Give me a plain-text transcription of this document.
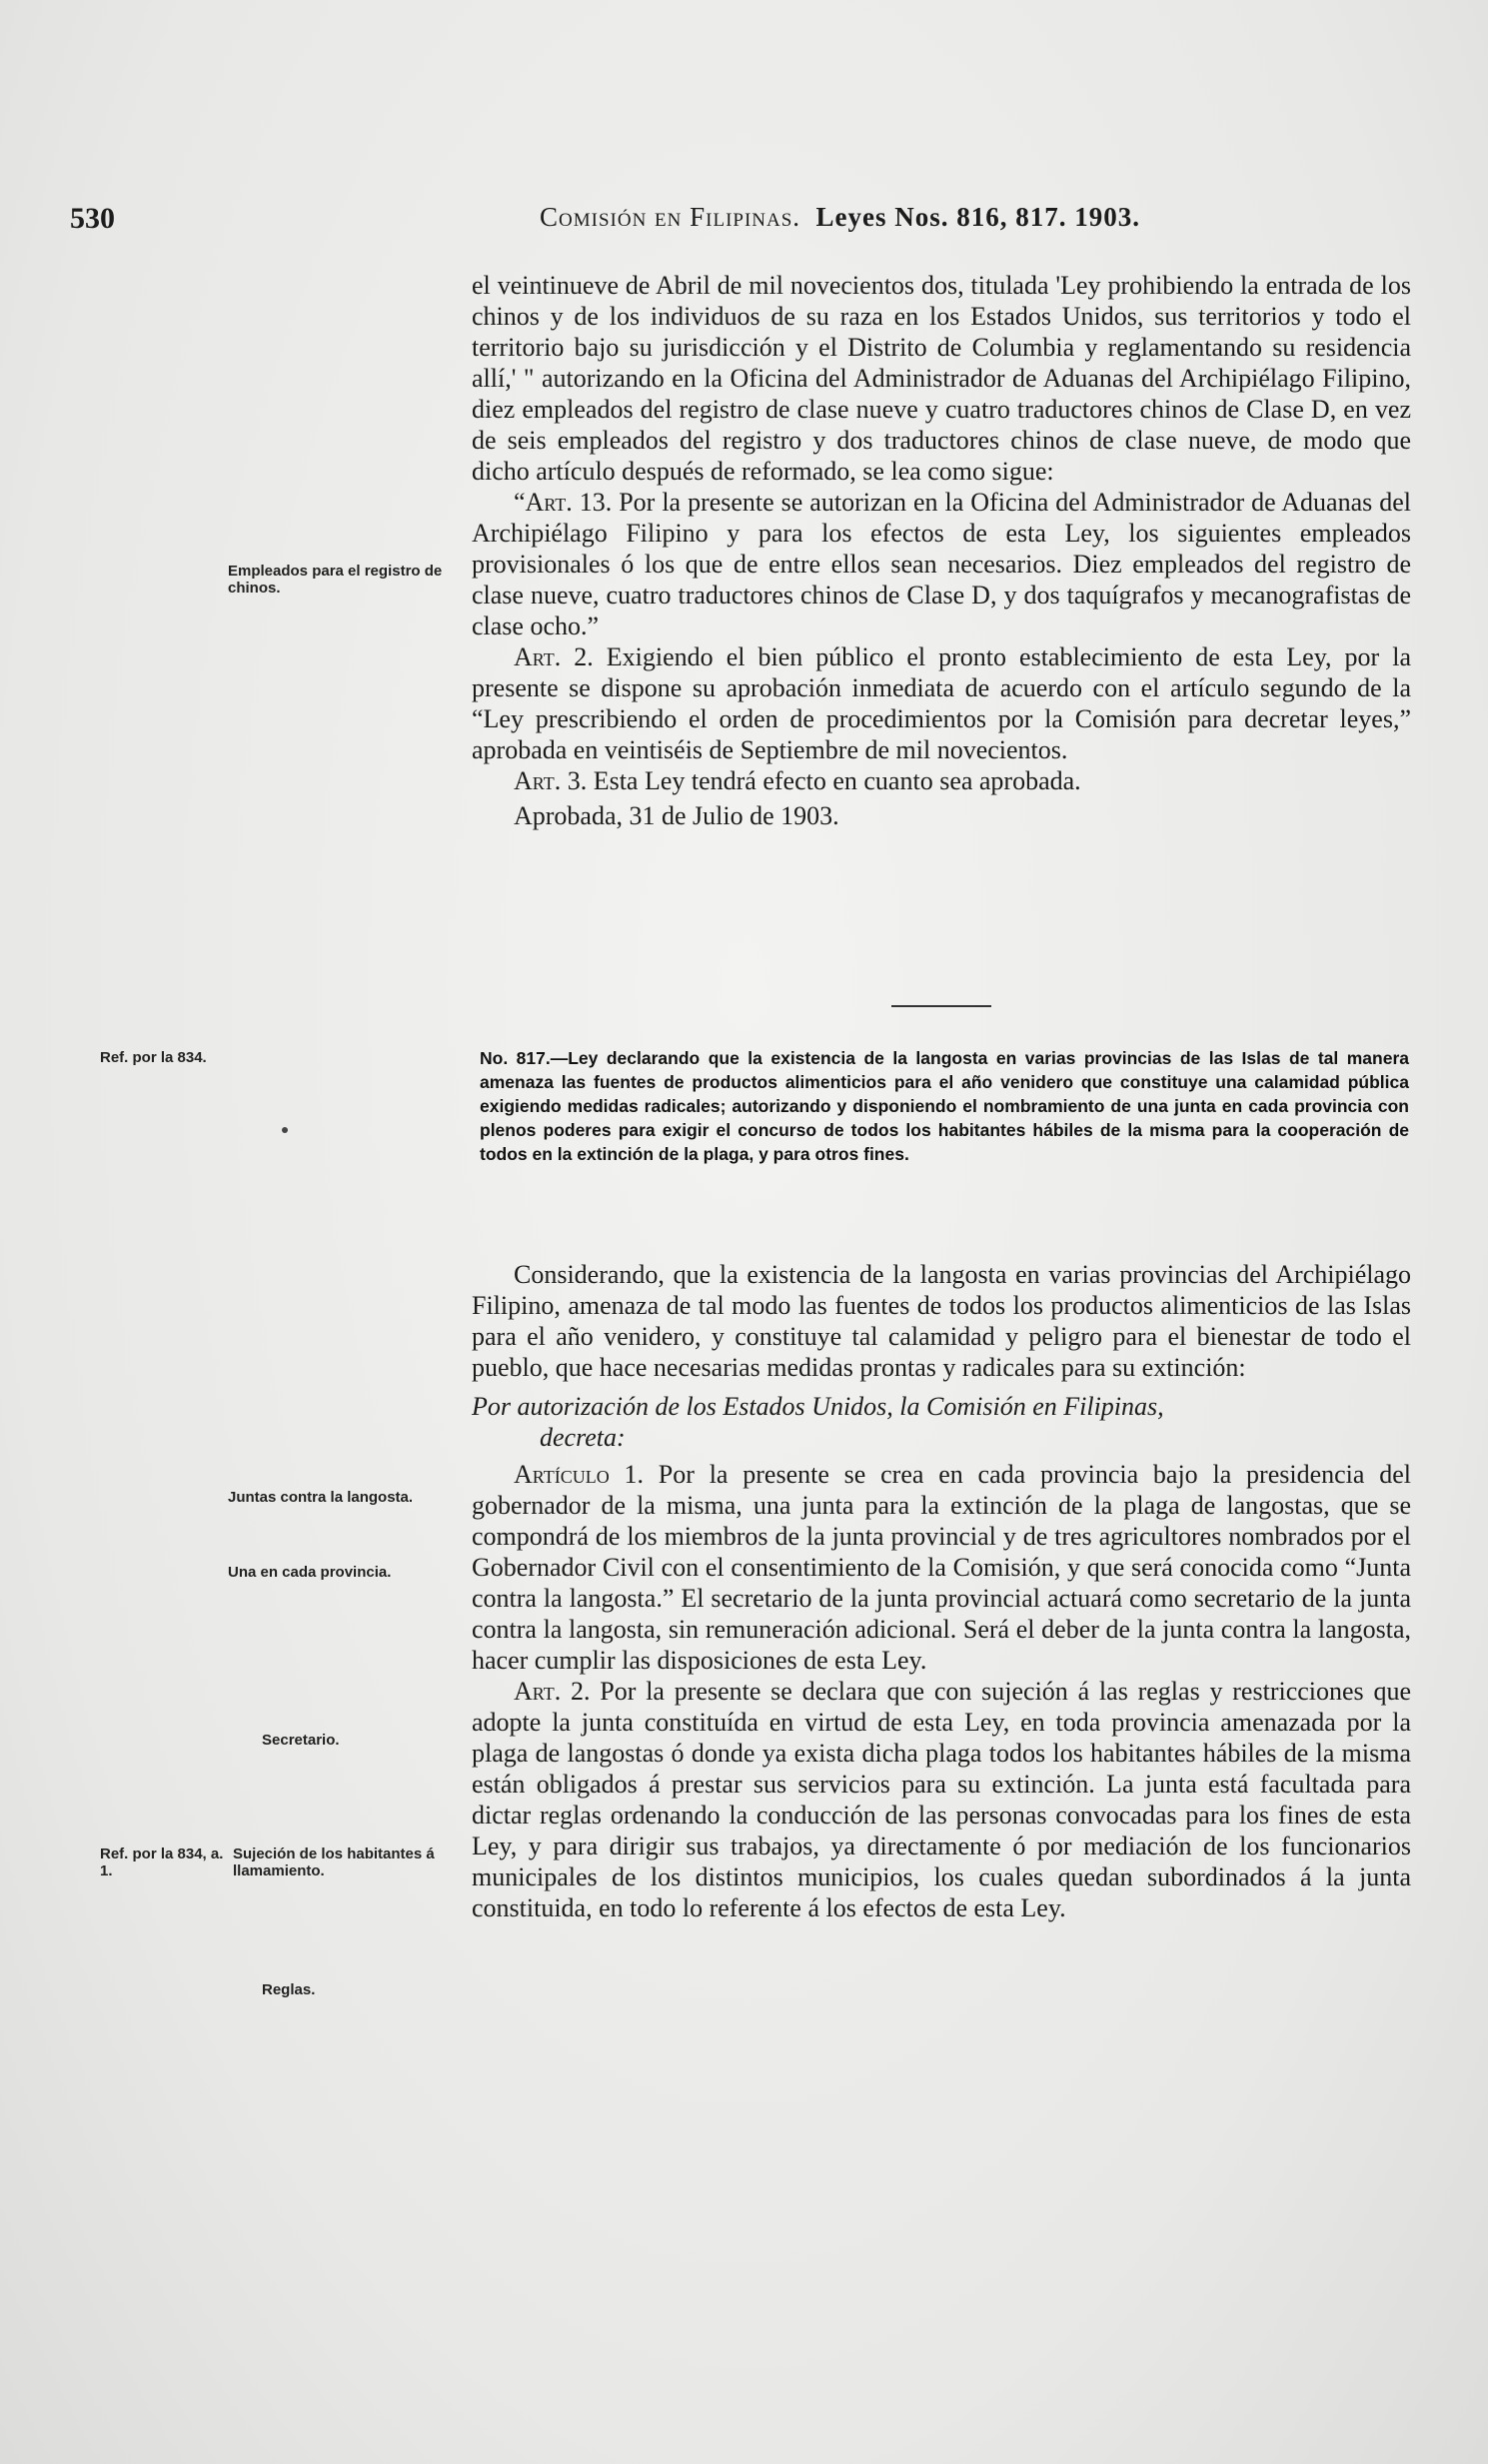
530	Comisión en Filipinas. Leyes Nos. 816, 817. 1903.

el veintinueve de Abril de mil novecientos dos, titulada 'Ley prohibiendo la entrada de los chinos y de los individuos de su raza en los Estados Unidos, sus territorios y todo el territorio bajo su jurisdicción y el Distrito de Columbia y reglamentando su residencia allí,' " autorizando en la Oficina del Administrador de Aduanas del Archipiélago Filipino, diez empleados del registro de clase nueve y cuatro traductores chinos de Clase D, en vez de seis empleados del registro y dos traductores chinos de clase nueve, de modo que dicho artículo después de reformado, se lea como sigue:

“Art. 13. Por la presente se autorizan en la Oficina del Administrador de Aduanas del Archipiélago Filipino y para los efectos de esta Ley, los siguientes empleados provisionales ó los que de entre ellos sean necesarios. Diez empleados del registro de clase nueve, cuatro traductores chinos de Clase D, y dos taquígrafos y mecanografistas de clase ocho.”

Art. 2. Exigiendo el bien público el pronto establecimiento de esta Ley, por la presente se dispone su aprobación inmediata de acuerdo con el artículo segundo de la “Ley prescribiendo el orden de procedimientos por la Comisión para decretar leyes,” aprobada en veintiséis de Septiembre de mil novecientos.

Art. 3. Esta Ley tendrá efecto en cuanto sea aprobada.

Aprobada, 31 de Julio de 1903.

Empleados para el registro de chinos.
Ref. por la 834.
Juntas contra la langosta.
Una en cada provincia.
Secretario.
Ref. por la 834, a. 1.
Sujeción de los habitantes á llamamiento.
Reglas.
No. 817.—Ley declarando que la existencia de la langosta en varias provincias de las Islas de tal manera amenaza las fuentes de productos alimenticios para el año venidero que constituye una calamidad pública exigiendo medidas radicales; autorizando y disponiendo el nombramiento de una junta en cada provincia con plenos poderes para exigir el concurso de todos los habitantes hábiles de la misma para la cooperación de todos en la extinción de la plaga, y para otros fines.

Considerando, que la existencia de la langosta en varias provincias del Archipiélago Filipino, amenaza de tal modo las fuentes de todos los productos alimenticios de las Islas para el año venidero, y constituye tal calamidad y peligro para el bienestar de todo el pueblo, que hace necesarias medidas prontas y radicales para su extinción:

Por autorización de los Estados Unidos, la Comisión en Filipinas,
decreta:

Artículo 1. Por la presente se crea en cada provincia bajo la presidencia del gobernador de la misma, una junta para la extinción de la plaga de langostas, que se compondrá de los miembros de la junta provincial y de tres agricultores nombrados por el Gobernador Civil con el consentimiento de la Comisión, y que será conocida como “Junta contra la langosta.” El secretario de la junta provincial actuará como secretario de la junta contra la langosta, sin remuneración adicional. Será el deber de la junta contra la langosta, hacer cumplir las disposiciones de esta Ley.

Art. 2. Por la presente se declara que con sujeción á las reglas y restricciones que adopte la junta constituída en virtud de esta Ley, en toda provincia amenazada por la plaga de langostas ó donde ya exista dicha plaga todos los habitantes hábiles de la misma están obligados á prestar sus servicios para su extinción. La junta está facultada para dictar reglas ordenando la conducción de las personas convocadas para los fines de esta Ley, y para dirigir sus trabajos, ya directamente ó por mediación de los funcionarios municipales de los distintos municipios, los cuales quedan subordinados á la junta constituida, en todo lo referente á los efectos de esta Ley.
